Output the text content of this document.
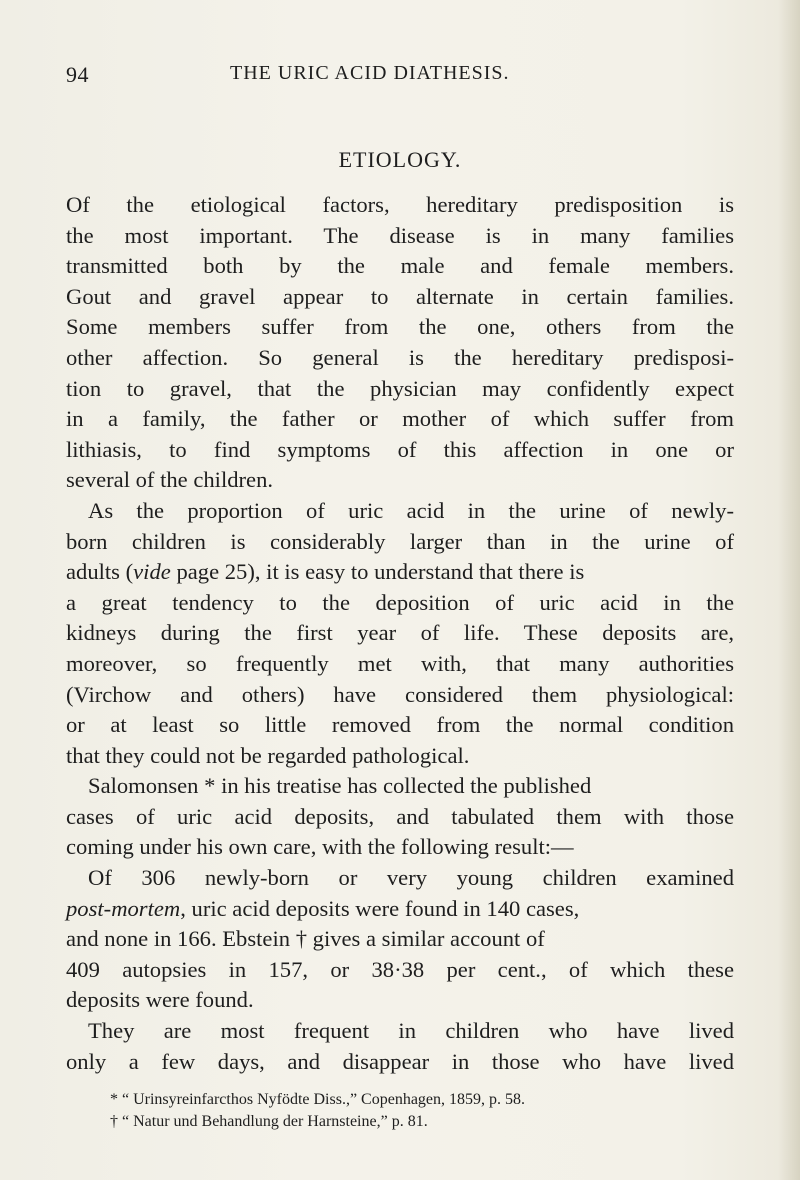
94	THE URIC ACID DIATHESIS.
ETIOLOGY.
Of the etiological factors, hereditary predisposition is
the most important. The disease is in many families
transmitted both by the male and female members.
Gout and gravel appear to alternate in certain families.
Some members suffer from the one, others from the
other affection. So general is the hereditary predisposi-
tion to gravel, that the physician may confidently expect
in a family, the father or mother of which suffer from
lithiasis, to find symptoms of this affection in one or
several of the children.
As the proportion of uric acid in the urine of newly-
born children is considerably larger than in the urine of
adults (vide page 25), it is easy to understand that there is
a great tendency to the deposition of uric acid in the
kidneys during the first year of life. These deposits are,
moreover, so frequently met with, that many authorities
(Virchow and others) have considered them physiological:
or at least so little removed from the normal condition
that they could not be regarded pathological.
Salomonsen * in his treatise has collected the published
cases of uric acid deposits, and tabulated them with those
coming under his own care, with the following result:—
Of 306 newly-born or very young children examined
post-mortem, uric acid deposits were found in 140 cases,
and none in 166. Ebstein † gives a similar account of
409 autopsies in 157, or 38·38 per cent., of which these
deposits were found.
They are most frequent in children who have lived
only a few days, and disappear in those who have lived
* “ Urinsyreinfarcthos Nyfödte Diss.,” Copenhagen, 1859, p. 58.
† “ Natur und Behandlung der Harnsteine,” p. 81.
